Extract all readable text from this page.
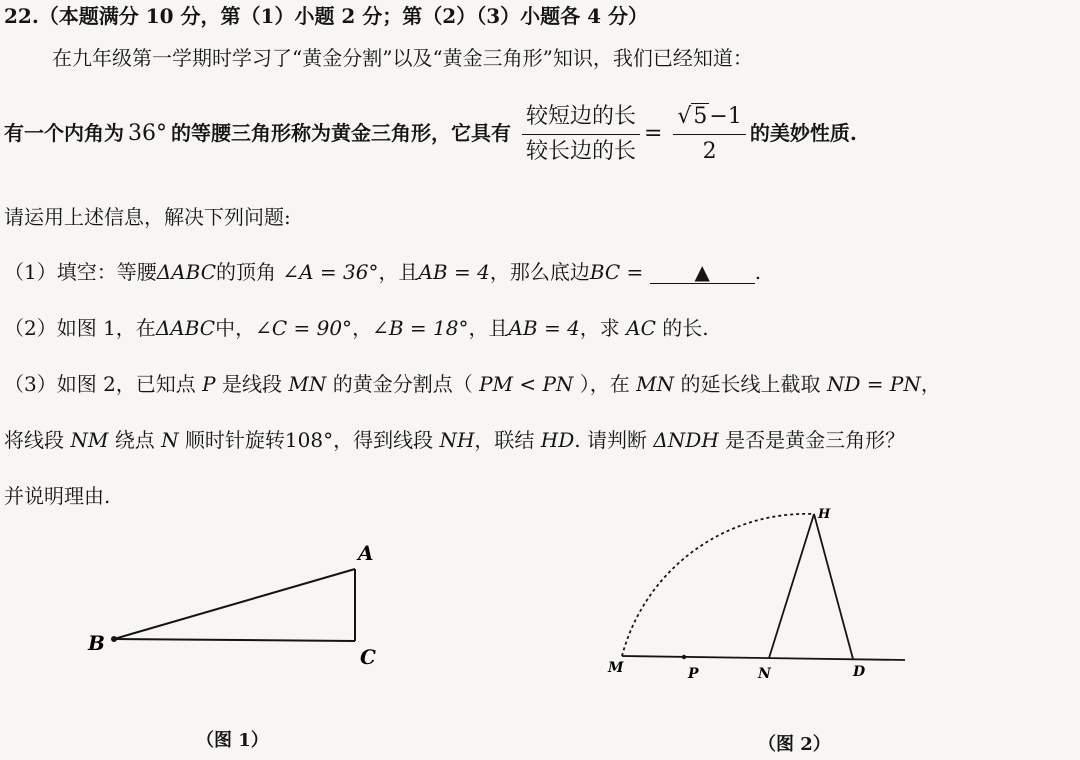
22.（本题满分 10 分，第（1）小题 2 分；第（2）（3）小题各 4 分）
在九年级第一学期时学习了“黄金分割”以及“黄金三角形”知识，我们已经知道：
有一个内角为 36° 的等腰三角形称为黄金三角形，它具有 $\frac{\text{较短边的长}}{\text{较长边的长}} = \frac{√5-1}{2}$ 的美妙性质.
请运用上述信息，解决下列问题:
（1）填空：等腰ΔABC的顶角 ∠A = 36°，且AB = 4，那么底边BC =	▲ .
（2）如图 1，在ΔABC中，∠C = 90°，∠B = 18°，且AB = 4，求 AC 的长.
（3）如图 2，已知点 P 是线段 MN 的黄金分割点（ PM < PN ），在 MN 的延长线上截取 ND = PN，
将线段 NM 绕点 N 顺时针旋转108°，得到线段 NH，联结 HD. 请判断 ΔNDH 是否是黄金三角形？
并说明理由.
A
B
C
（图 1）
H
M	P	N	D
（图 2）
